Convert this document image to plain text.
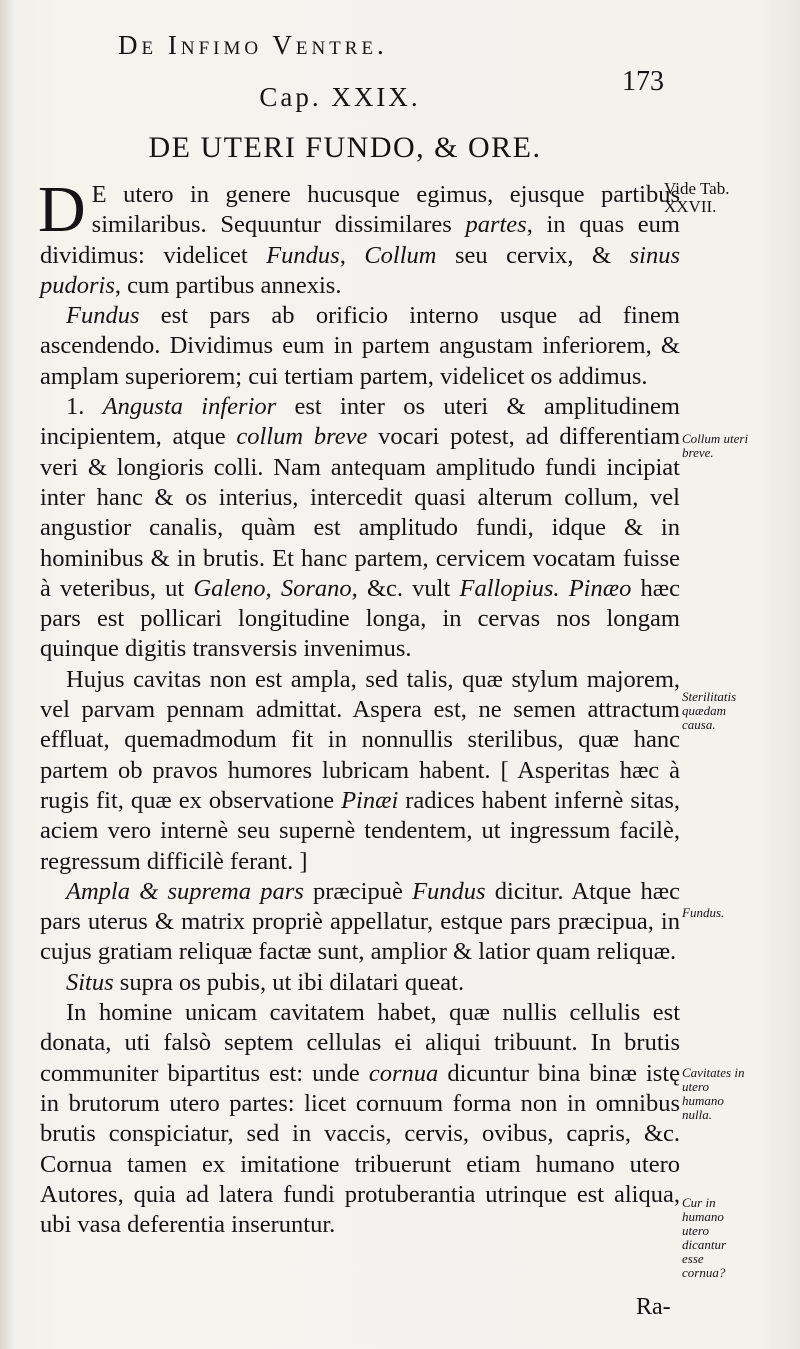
De Infimo Ventre.
173
Cap. XXIX.
DE UTERI FUNDO, & ORE.
Vide Tab. XXVII.

D E utero in genere hucusque egimus, ejusque partibus similaribus. Sequuntur dissimilares partes, in quas eum dividimus: videlicet Fundus, Collum seu cervix, & sinus pudoris, cum partibus annexis.

Fundus est pars ab orificio interno usque ad finem ascendendo. Dividimus eum in partem angustam inferiorem, & amplam superiorem; cui tertiam partem, videlicet os addimus.

1. Angusta inferior est inter os uteri & amplitudinem incipientem, atque collum breve vocari potest, ad differentiam veri & longioris colli. Nam antequam amplitudo fundi incipiat inter hanc & os interius, intercedit quasi alterum collum, vel angustior canalis, quàm est amplitudo fundi, idque & in hominibus & in brutis. Et hanc partem, cervicem vocatam fuisse à veteribus, ut Galeno, Sorano, &c. vult Fallopius. Pinæo hæc pars est pollicari longitudine longa, in cervas nos longam quinque digitis transversis invenimus.

Hujus cavitas non est ampla, sed talis, quæ stylum majorem, vel parvam pennam admittat. Aspera est, ne semen attractum effluat, quemadmodum fit in nonnullis sterilibus, quæ hanc partem ob pravos humores lubricam habent. [ Asperitas hæc à rugis fit, quæ ex observatione Pinæi radices habent infernè sitas, aciem vero internè seu supernè tendentem, ut ingressum facilè, regressum difficilè ferant. ]

Ampla & suprema pars præcipuè Fundus dicitur. Atque hæc pars uterus & matrix propriè appellatur, estque pars præcipua, in cujus gratiam reliquæ factæ sunt, amplior & latior quam reliquæ.

Situs supra os pubis, ut ibi dilatari queat.

In homine unicam cavitatem habet, quæ nullis cellulis est donata, uti falsò septem cellulas ei aliqui tribuunt. In brutis communiter bipartitus est: unde cornua dicuntur bina binæ istę in brutorum utero partes: licet cornuum forma non in omnibus brutis conspiciatur, sed in vaccis, cervis, ovibus, capris, &c. Cornua tamen ex imitatione tribuerunt etiam humano utero Autores, quia ad latera fundi protuberantia utrinque est aliqua, ubi vasa deferentia inseruntur.

Collum uteri breve.
Sterilitatis quædam causa.
Fundus.
Cavitates in utero humano nulla.
Cur in humano utero dicantur esse cornua?
Ra-
